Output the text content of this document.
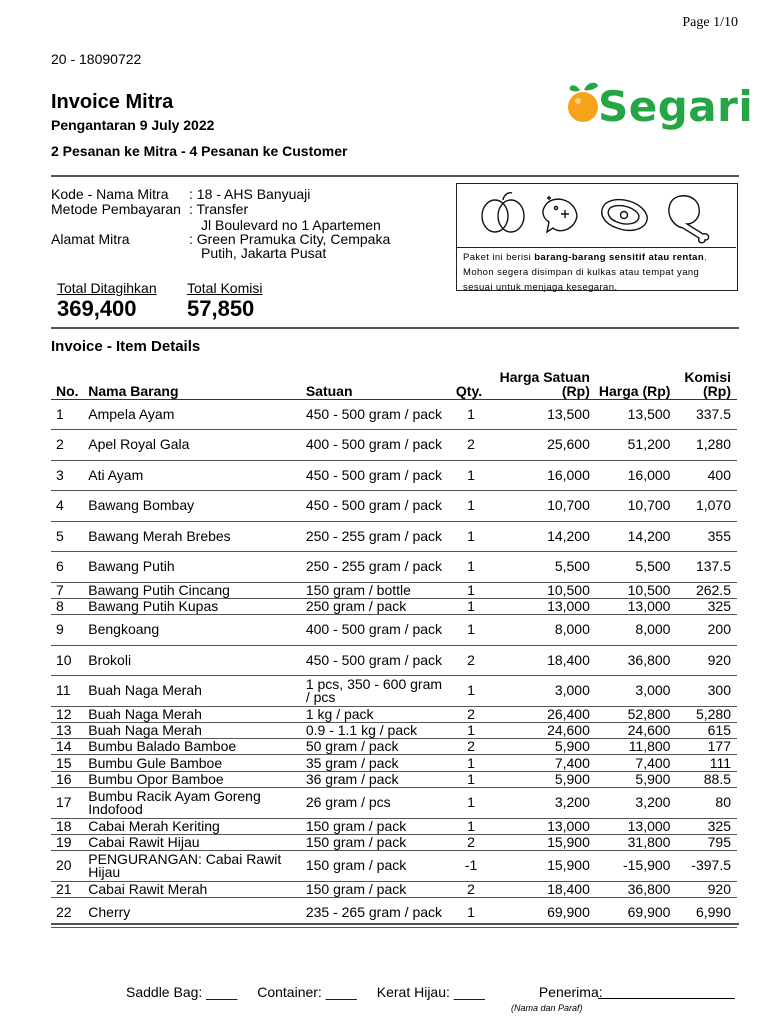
Page 1/10
20 - 18090722
Invoice Mitra
Pengantaran 9 July 2022
2 Pesanan ke Mitra - 4 Pesanan ke Customer
Segari
Kode - Nama Mitra : 18 - AHS Banyuaji
Metode Pembayaran : Transfer
Jl Boulevard no 1 Apartemen
Alamat Mitra	: Green Pramuka City, Cempaka
Putih, Jakarta Pusat	Paket ini berisi barang-barang sensitif atau rentan. Mohon segera disimpan di kulkas atau tempat yang sesuai untuk menjaga kesegaran.
Total Ditagihkan
369,400
Total Komisi
57,850
Invoice - Item Details
No.	Nama Barang	Satuan	Qty.	Harga Satuan (Rp)	Harga (Rp)	Komisi (Rp)
1	Ampela Ayam	450 - 500 gram / pack	1	13,500	13,500	337.5
2	Apel Royal Gala	400 - 500 gram / pack	2	25,600	51,200	1,280
3	Ati Ayam	450 - 500 gram / pack	1	16,000	16,000	400
4	Bawang Bombay	450 - 500 gram / pack	1	10,700	10,700	1,070
5	Bawang Merah Brebes	250 - 255 gram / pack	1	14,200	14,200	355
6	Bawang Putih	250 - 255 gram / pack	1	5,500	5,500	137.5
7	Bawang Putih Cincang	150 gram / bottle	1	10,500	10,500	262.5
8	Bawang Putih Kupas	250 gram / pack	1	13,000	13,000	325
9	Bengkoang	400 - 500 gram / pack	1	8,000	8,000	200
10	Brokoli	450 - 500 gram / pack	2	18,400	36,800	920
11	Buah Naga Merah	1 pcs, 350 - 600 gram / pcs	1	3,000	3,000	300
12	Buah Naga Merah	1 kg / pack	2	26,400	52,800	5,280
13	Buah Naga Merah	0.9 - 1.1 kg / pack	1	24,600	24,600	615
14	Bumbu Balado Bamboe	50 gram / pack	2	5,900	11,800	177
15	Bumbu Gule Bamboe	35 gram / pack	1	7,400	7,400	111
16	Bumbu Opor Bamboe	36 gram / pack	1	5,900	5,900	88.5
17	Bumbu Racik Ayam Goreng Indofood	26 gram / pcs	1	3,200	3,200	80
18	Cabai Merah Keriting	150 gram / pack	1	13,000	13,000	325
19	Cabai Rawit Hijau	150 gram / pack	2	15,900	31,800	795
20	PENGURANGAN: Cabai Rawit Hijau	150 gram / pack	-1	15,900	-15,900	-397.5
21	Cabai Rawit Merah	150 gram / pack	2	18,400	36,800	920
22	Cherry	235 - 265 gram / pack	1	69,900	69,900	6,990
Saddle Bag: ____ Container: ____ Kerat Hijau: ____	Penerima:
(Nama dan Paraf)
